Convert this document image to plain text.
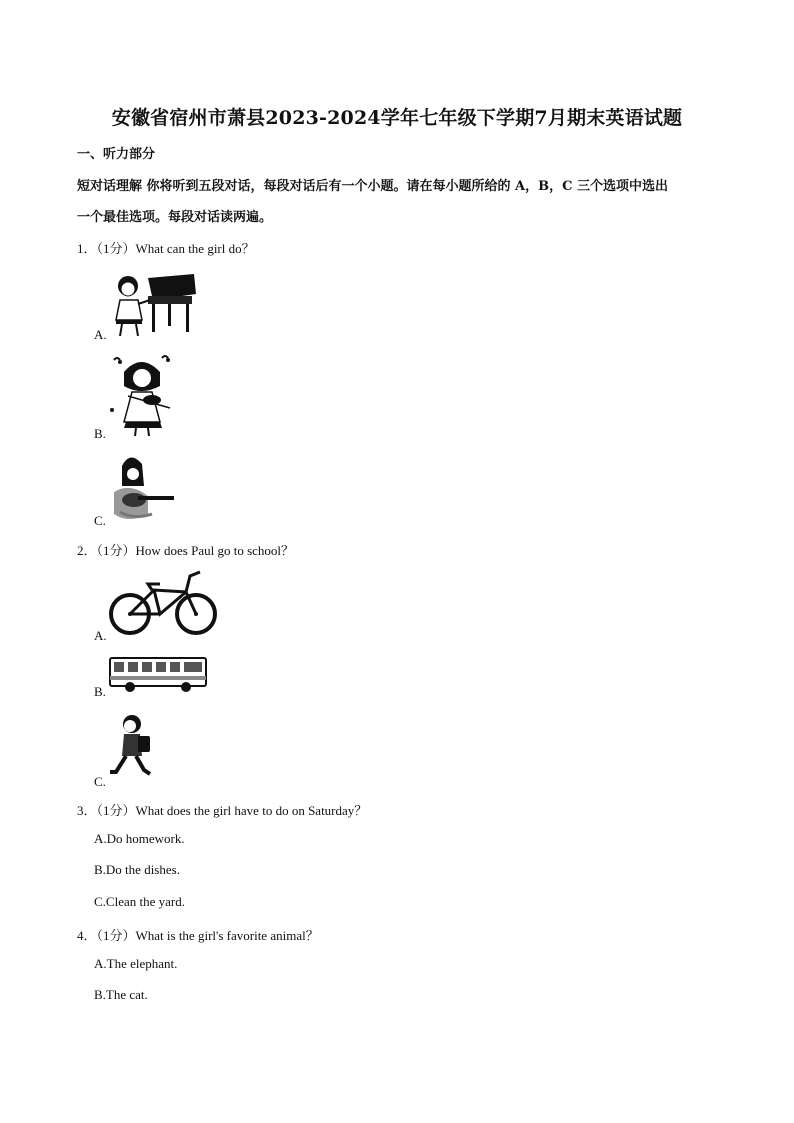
安徽省宿州市萧县2023-2024学年七年级下学期7月期末英语试题
一、听力部分
短对话理解 你将听到五段对话，每段对话后有一个小题。请在每小题所给的 A，B，C 三个选项中选出
一个最佳选项。每段对话读两遍。
1．（1分）What can the girl do？
A.
B.
C.
2．（1分）How does Paul go to school？
A.
B.
C.
3．（1分）What does the girl have to do on Saturday？
A.Do homework.
B.Do the dishes.
C.Clean the yard.
4．（1分）What is the girl's favorite animal？
A.The elephant.
B.The cat.
